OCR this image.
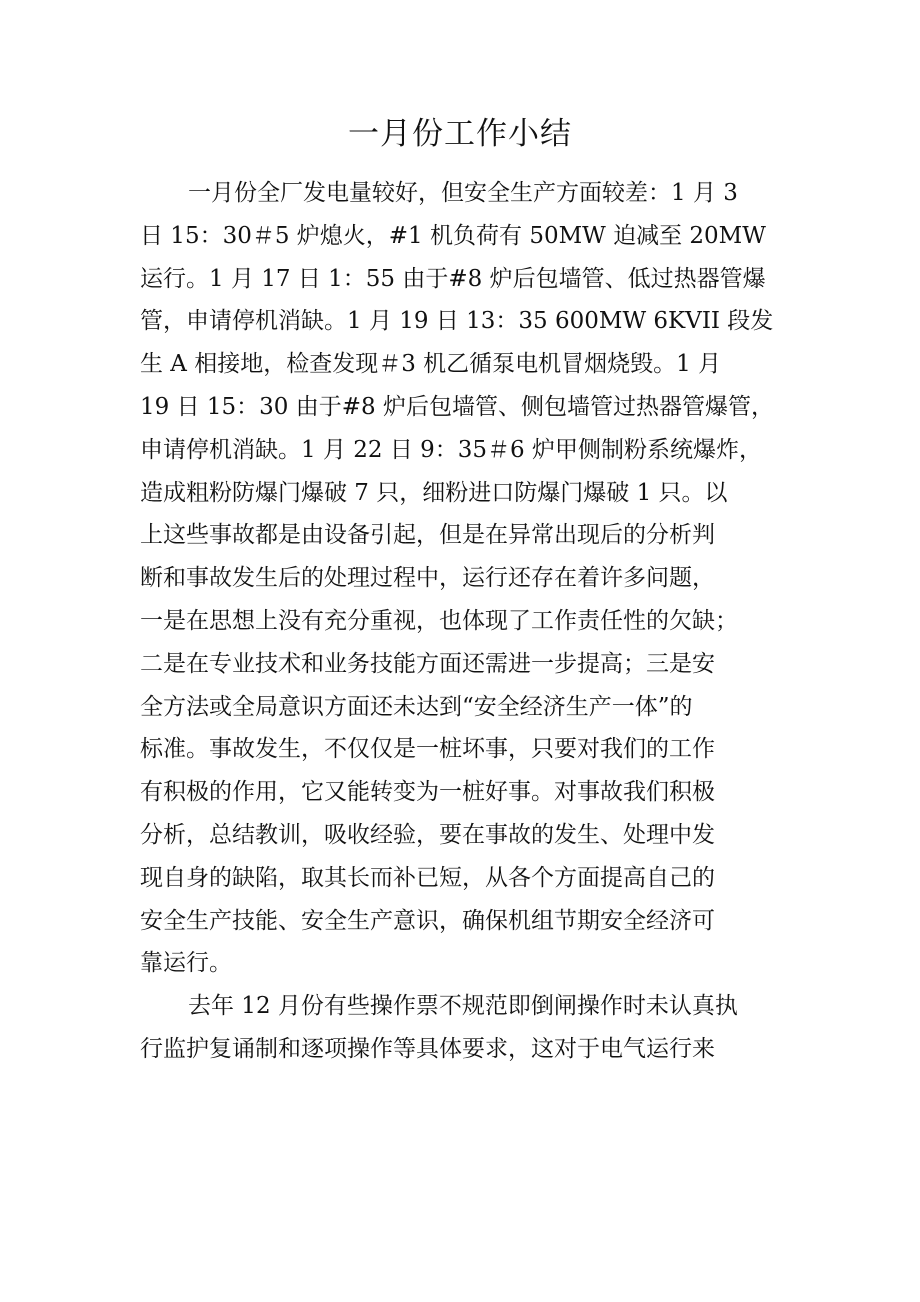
一月份工作小结
一月份全厂发电量较好，但安全生产方面较差：1 月 3
日 15：30＃5 炉熄火，#1 机负荷有 50MW 迫减至 20MW
运行。1 月 17 日 1：55 由于#8 炉后包墙管、低过热器管爆
管，申请停机消缺。1 月 19 日 13：35 600MW 6KVII 段发
生 A 相接地，检查发现＃3 机乙循泵电机冒烟烧毁。1 月
19 日 15：30 由于#8 炉后包墙管、侧包墙管过热器管爆管，
申请停机消缺。1 月 22 日 9：35＃6 炉甲侧制粉系统爆炸，
造成粗粉防爆门爆破 7 只，细粉进口防爆门爆破 1 只。以
上这些事故都是由设备引起，但是在异常出现后的分析判
断和事故发生后的处理过程中，运行还存在着许多问题，
一是在思想上没有充分重视，也体现了工作责任性的欠缺；
二是在专业技术和业务技能方面还需进一步提高；三是安
全方法或全局意识方面还未达到“安全经济生产一体”的
标准。事故发生，不仅仅是一桩坏事，只要对我们的工作
有积极的作用，它又能转变为一桩好事。对事故我们积极
分析，总结教训，吸收经验，要在事故的发生、处理中发
现自身的缺陷，取其长而补已短，从各个方面提高自己的
安全生产技能、安全生产意识，确保机组节期安全经济可
靠运行。
去年 12 月份有些操作票不规范即倒闸操作时未认真执
行监护复诵制和逐项操作等具体要求，这对于电气运行来
